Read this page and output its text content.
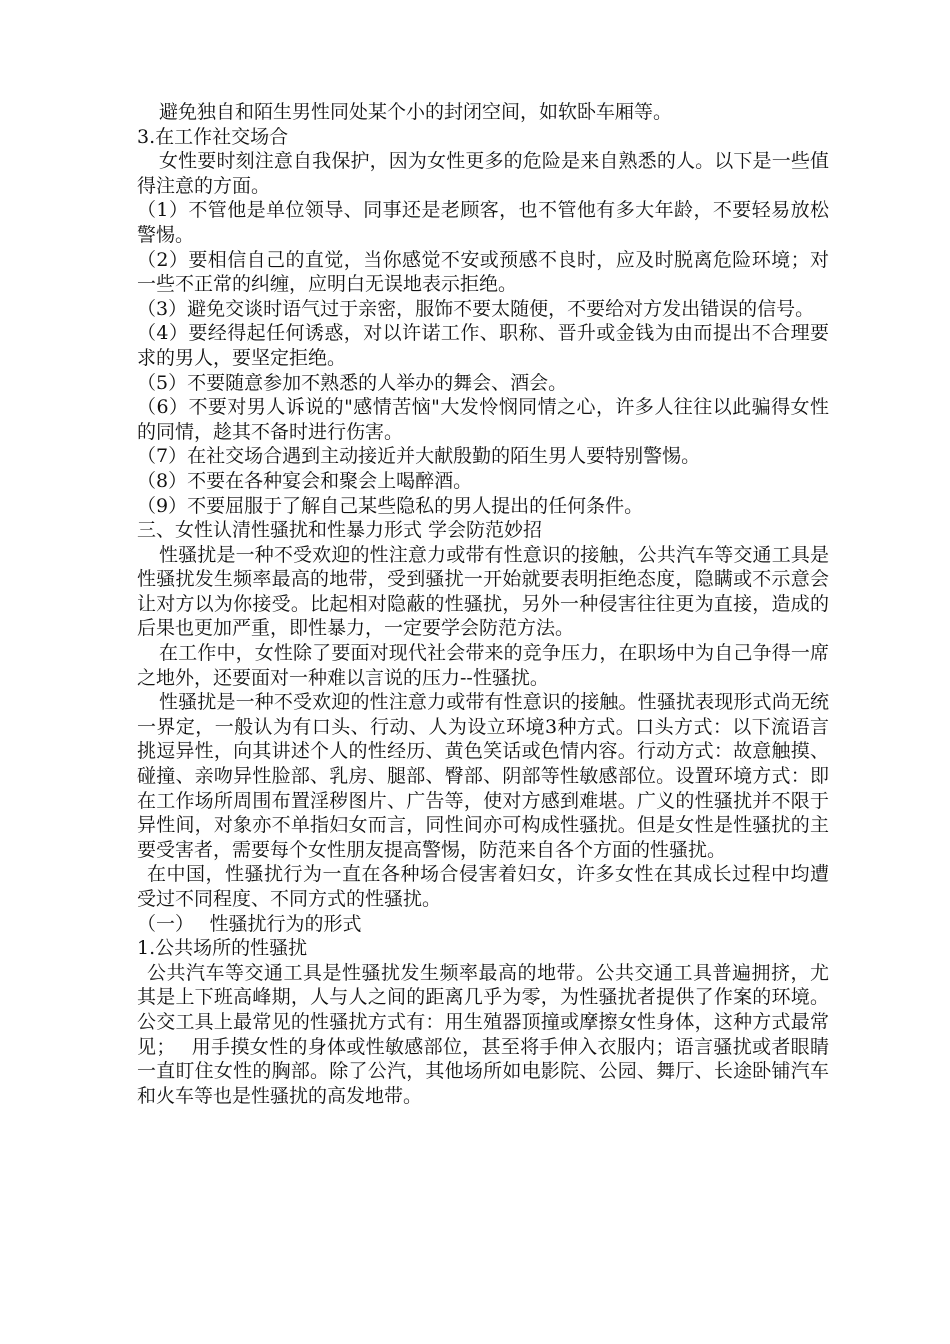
避免独自和陌生男性同处某个小的封闭空间，如软卧车厢等。

3.在工作社交场合

女性要时刻注意自我保护，因为女性更多的危险是来自熟悉的人。以下是一些值得注意的方面。

（1）不管他是单位领导、同事还是老顾客，也不管他有多大年龄，不要轻易放松警惕。

（2）要相信自己的直觉，当你感觉不安或预感不良时，应及时脱离危险环境；对一些不正常的纠缠，应明白无误地表示拒绝。

（3）避免交谈时语气过于亲密，服饰不要太随便，不要给对方发出错误的信号。

（4）要经得起任何诱惑，对以许诺工作、职称、晋升或金钱为由而提出不合理要求的男人，要坚定拒绝。

（5）不要随意参加不熟悉的人举办的舞会、酒会。

（6）不要对男人诉说的"感情苦恼"大发怜悯同情之心，许多人往往以此骗得女性的同情，趁其不备时进行伤害。

（7）在社交场合遇到主动接近并大献殷勤的陌生男人要特别警惕。

（8）不要在各种宴会和聚会上喝醉酒。

（9）不要屈服于了解自己某些隐私的男人提出的任何条件。

三、女性认清性骚扰和性暴力形式 学会防范妙招

性骚扰是一种不受欢迎的性注意力或带有性意识的接触，公共汽车等交通工具是性骚扰发生频率最高的地带，受到骚扰一开始就要表明拒绝态度，隐瞒或不示意会让对方以为你接受。比起相对隐蔽的性骚扰，另外一种侵害往往更为直接，造成的后果也更加严重，即性暴力，一定要学会防范方法。

在工作中，女性除了要面对现代社会带来的竞争压力，在职场中为自己争得一席之地外，还要面对一种难以言说的压力--性骚扰。

性骚扰是一种不受欢迎的性注意力或带有性意识的接触。性骚扰表现形式尚无统一界定，一般认为有口头、行动、人为设立环境3种方式。口头方式：以下流语言挑逗异性，向其讲述个人的性经历、黄色笑话或色情内容。行动方式：故意触摸、碰撞、亲吻异性脸部、乳房、腿部、臀部、阴部等性敏感部位。设置环境方式：即在工作场所周围布置淫秽图片、广告等，使对方感到难堪。广义的性骚扰并不限于异性间，对象亦不单指妇女而言，同性间亦可构成性骚扰。但是女性是性骚扰的主要受害者，需要每个女性朋友提高警惕，防范来自各个方面的性骚扰。

在中国，性骚扰行为一直在各种场合侵害着妇女，许多女性在其成长过程中均遭受过不同程度、不同方式的性骚扰。

（一）　 性骚扰行为的形式

1.公共场所的性骚扰

公共汽车等交通工具是性骚扰发生频率最高的地带。公共交通工具普遍拥挤，尤其是上下班高峰期，人与人之间的距离几乎为零，为性骚扰者提供了作案的环境。公交工具上最常见的性骚扰方式有：用生殖器顶撞或摩擦女性身体，这种方式最常见；　 用手摸女性的身体或性敏感部位，甚至将手伸入衣服内；语言骚扰或者眼睛一直盯住女性的胸部。除了公汽，其他场所如电影院、公园、舞厅、长途卧铺汽车和火车等也是性骚扰的高发地带。
